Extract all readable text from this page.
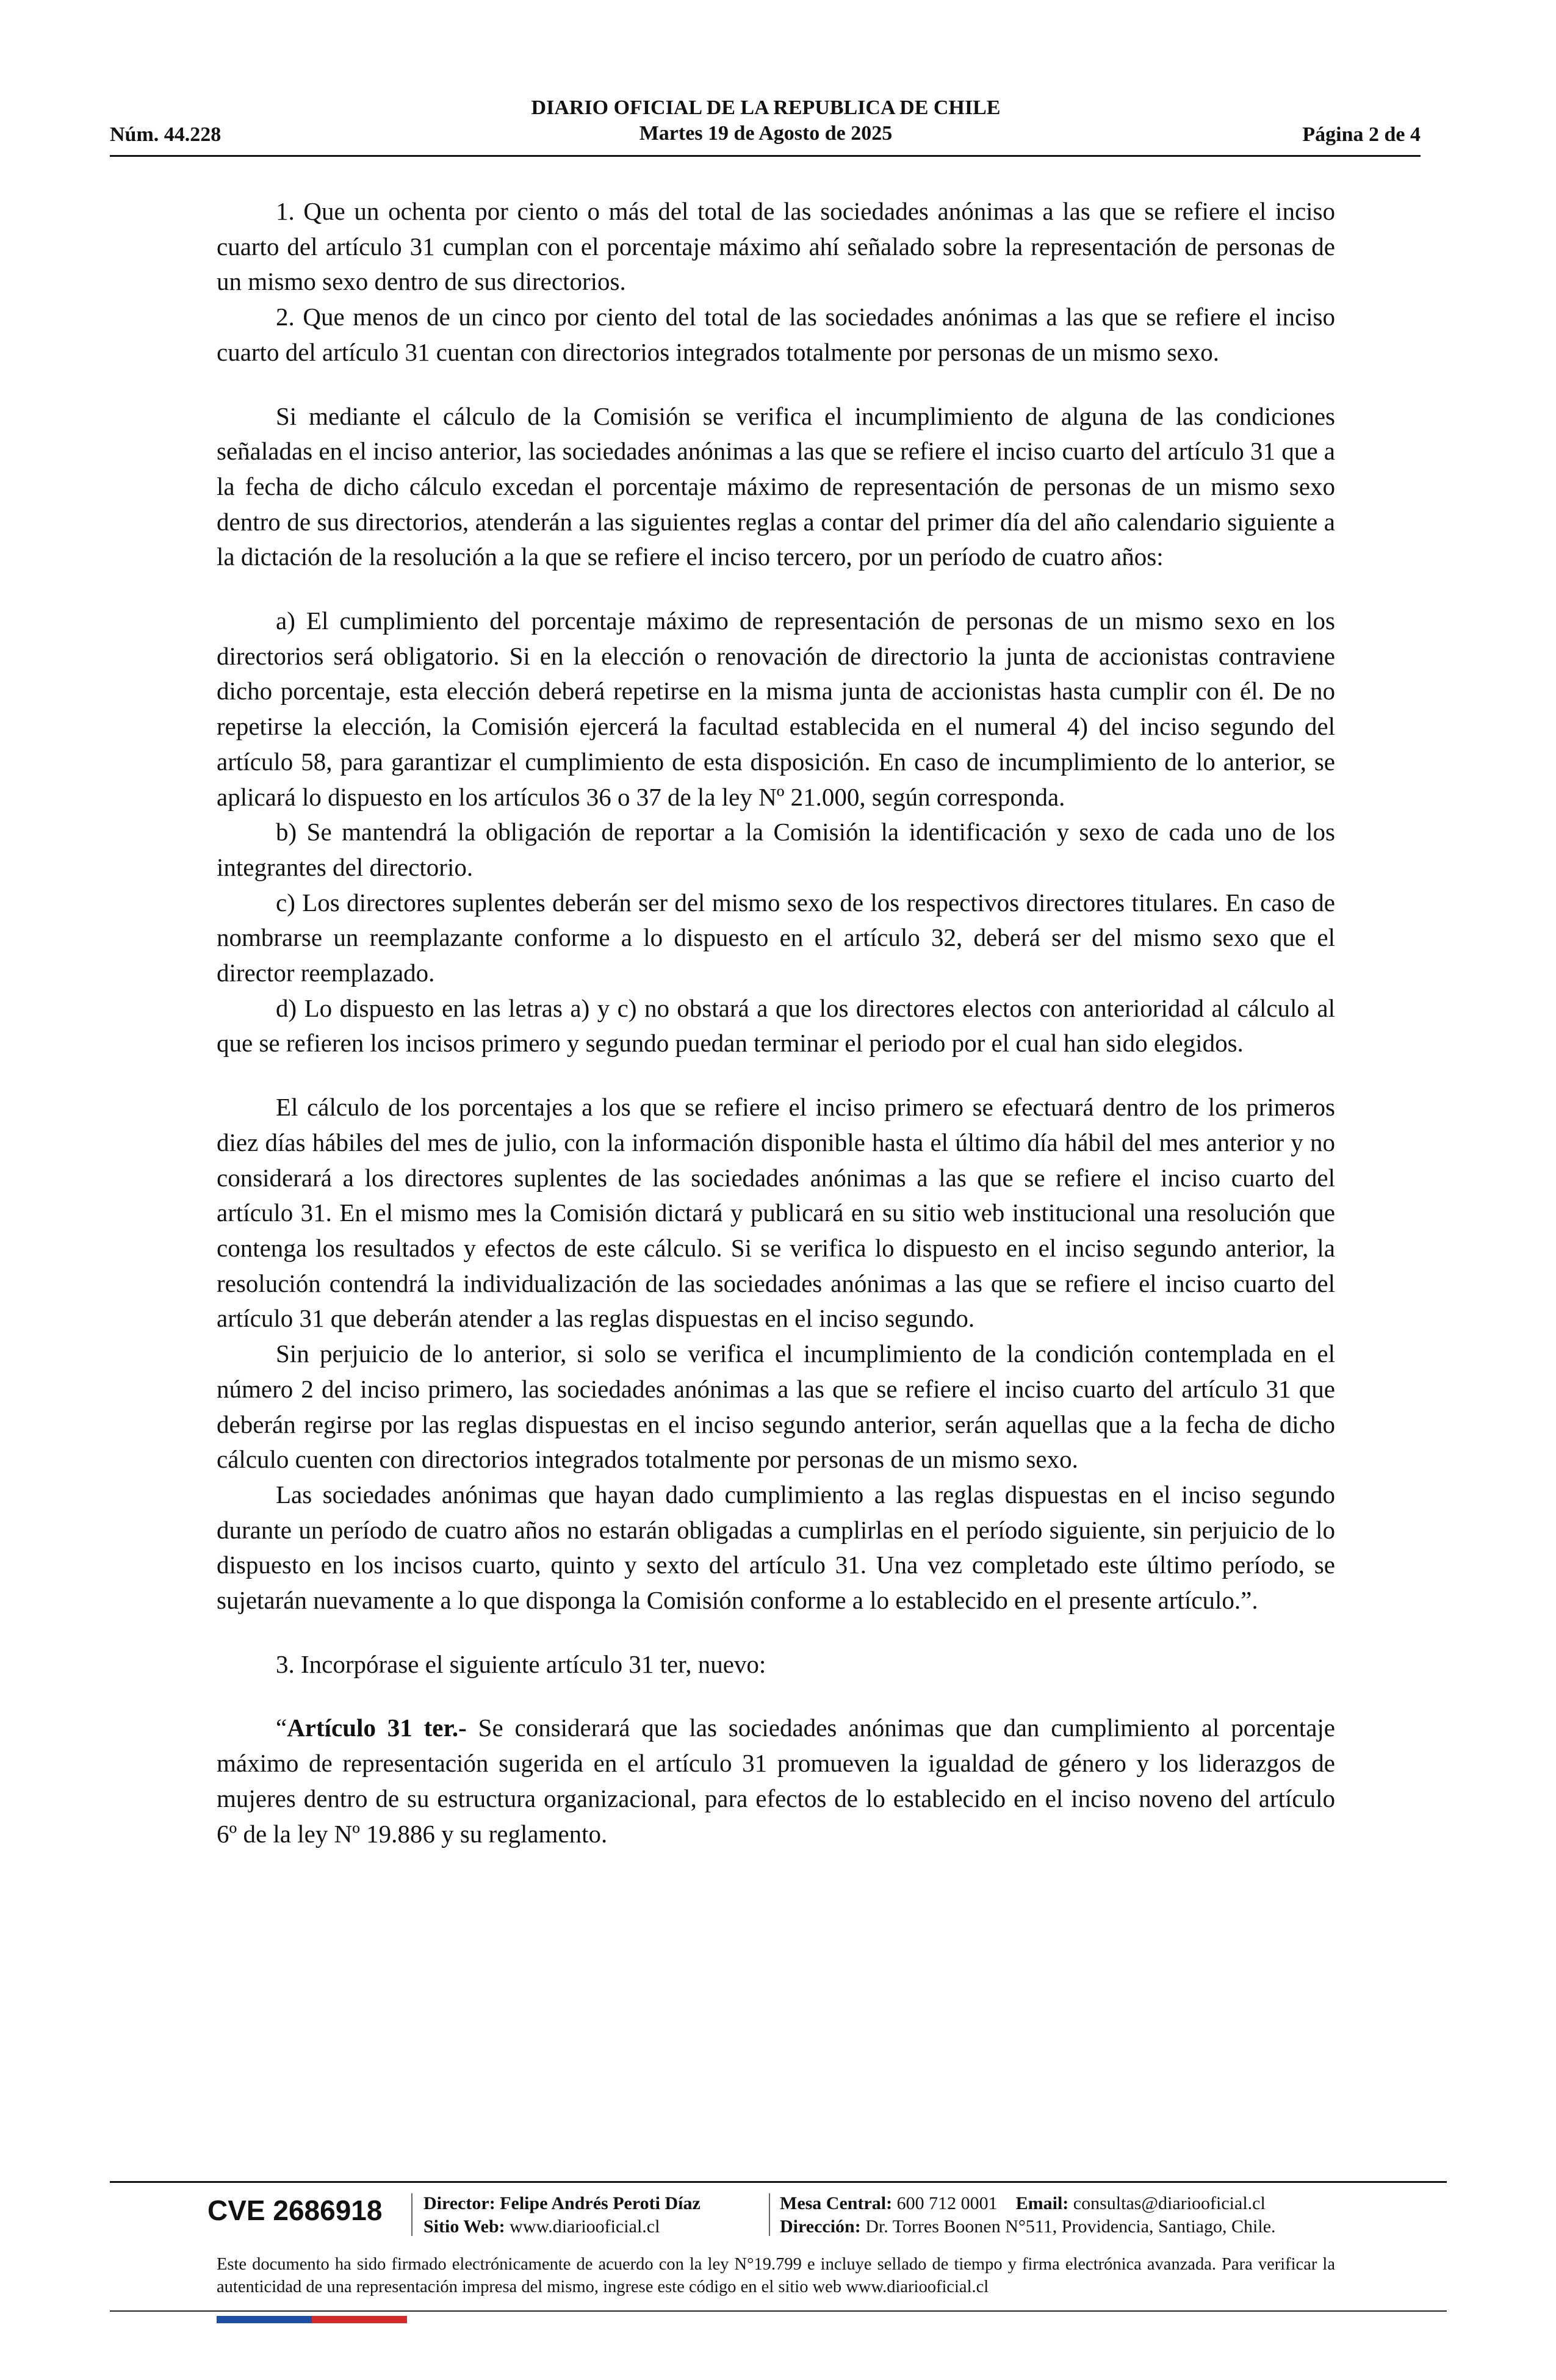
Núm. 44.228
DIARIO OFICIAL DE LA REPUBLICA DE CHILE
Martes 19 de Agosto de 2025	Página 2 de 4

1. Que un ochenta por ciento o más del total de las sociedades anónimas a las que se refiere el inciso cuarto del artículo 31 cumplan con el porcentaje máximo ahí señalado sobre la representación de personas de un mismo sexo dentro de sus directorios.

2. Que menos de un cinco por ciento del total de las sociedades anónimas a las que se refiere el inciso cuarto del artículo 31 cuentan con directorios integrados totalmente por personas de un mismo sexo.

Si mediante el cálculo de la Comisión se verifica el incumplimiento de alguna de las condiciones señaladas en el inciso anterior, las sociedades anónimas a las que se refiere el inciso cuarto del artículo 31 que a la fecha de dicho cálculo excedan el porcentaje máximo de representación de personas de un mismo sexo dentro de sus directorios, atenderán a las siguientes reglas a contar del primer día del año calendario siguiente a la dictación de la resolución a la que se refiere el inciso tercero, por un período de cuatro años:

a) El cumplimiento del porcentaje máximo de representación de personas de un mismo sexo en los directorios será obligatorio. Si en la elección o renovación de directorio la junta de accionistas contraviene dicho porcentaje, esta elección deberá repetirse en la misma junta de accionistas hasta cumplir con él. De no repetirse la elección, la Comisión ejercerá la facultad establecida en el numeral 4) del inciso segundo del artículo 58, para garantizar el cumplimiento de esta disposición. En caso de incumplimiento de lo anterior, se aplicará lo dispuesto en los artículos 36 o 37 de la ley Nº 21.000, según corresponda.

b) Se mantendrá la obligación de reportar a la Comisión la identificación y sexo de cada uno de los integrantes del directorio.

c) Los directores suplentes deberán ser del mismo sexo de los respectivos directores titulares. En caso de nombrarse un reemplazante conforme a lo dispuesto en el artículo 32, deberá ser del mismo sexo que el director reemplazado.

d) Lo dispuesto en las letras a) y c) no obstará a que los directores electos con anterioridad al cálculo al que se refieren los incisos primero y segundo puedan terminar el periodo por el cual han sido elegidos.

El cálculo de los porcentajes a los que se refiere el inciso primero se efectuará dentro de los primeros diez días hábiles del mes de julio, con la información disponible hasta el último día hábil del mes anterior y no considerará a los directores suplentes de las sociedades anónimas a las que se refiere el inciso cuarto del artículo 31. En el mismo mes la Comisión dictará y publicará en su sitio web institucional una resolución que contenga los resultados y efectos de este cálculo. Si se verifica lo dispuesto en el inciso segundo anterior, la resolución contendrá la individualización de las sociedades anónimas a las que se refiere el inciso cuarto del artículo 31 que deberán atender a las reglas dispuestas en el inciso segundo.

Sin perjuicio de lo anterior, si solo se verifica el incumplimiento de la condición contemplada en el número 2 del inciso primero, las sociedades anónimas a las que se refiere el inciso cuarto del artículo 31 que deberán regirse por las reglas dispuestas en el inciso segundo anterior, serán aquellas que a la fecha de dicho cálculo cuenten con directorios integrados totalmente por personas de un mismo sexo.

Las sociedades anónimas que hayan dado cumplimiento a las reglas dispuestas en el inciso segundo durante un período de cuatro años no estarán obligadas a cumplirlas en el período siguiente, sin perjuicio de lo dispuesto en los incisos cuarto, quinto y sexto del artículo 31. Una vez completado este último período, se sujetarán nuevamente a lo que disponga la Comisión conforme a lo establecido en el presente artículo.”.

3. Incorpórase el siguiente artículo 31 ter, nuevo:

“Artículo 31 ter.- Se considerará que las sociedades anónimas que dan cumplimiento al porcentaje máximo de representación sugerida en el artículo 31 promueven la igualdad de género y los liderazgos de mujeres dentro de su estructura organizacional, para efectos de lo establecido en el inciso noveno del artículo 6º de la ley Nº 19.886 y su reglamento.

CVE 2686918 Director: Felipe Andrés Peroti Díaz
Sitio Web: www.diariooficial.cl
Mesa Central: 600 712 0001 Email: consultas@diariooficial.cl
Dirección: Dr. Torres Boonen N°511, Providencia, Santiago, Chile.
Este documento ha sido firmado electrónicamente de acuerdo con la ley N°19.799 e incluye sellado de tiempo y firma electrónica avanzada. Para verificar la autenticidad de una representación impresa del mismo, ingrese este código en el sitio web www.diariooficial.cl
